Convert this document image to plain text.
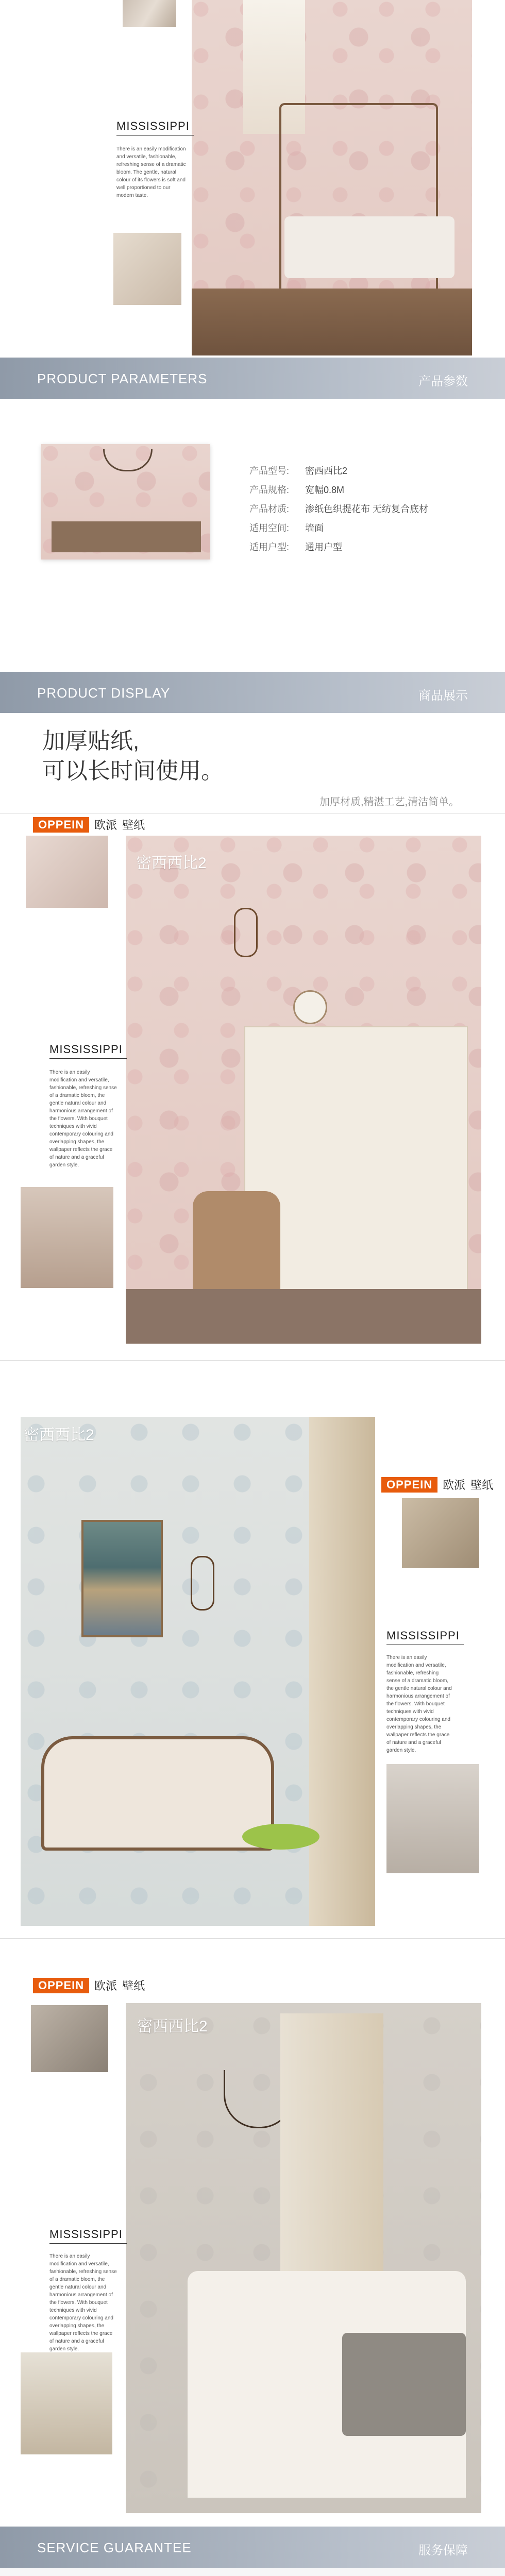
MISSISSIPPI
There is an easily modification and versatile, fashionable, refreshing sense of a dramatic bloom. The gentle, natural colour of its flowers is soft and well proportioned to our modern taste.
PRODUCT PARAMETERS	产品参数
产品型号:	密西西比2
产品规格:	宽幅0.8M
产品材质:	渗纸色织提花布 无纺复合底材
适用空间:	墙面
适用户型:	通用户型
PRODUCT DISPLAY	商品展示
加厚贴纸,
可以长时间使用。
加厚材质,精湛工艺,清洁简单。
OPPEIN 欧派 壁纸
密西西比2
MISSISSIPPI
There is an easily modification and versatile, fashionable, refreshing sense of a dramatic bloom, the gentle natural colour and harmonious arrangement of the flowers. With bouquet techniques with vivid contemporary colouring and overlapping shapes, the wallpaper reflects the grace of nature and a graceful garden style.
密西西比2
OPPEIN 欧派 壁纸
MISSISSIPPI
There is an easily modification and versatile, fashionable, refreshing sense of a dramatic bloom, the gentle natural colour and harmonious arrangement of the flowers. With bouquet techniques with vivid contemporary colouring and overlapping shapes, the wallpaper reflects the grace of nature and a graceful garden style.
OPPEIN 欧派 壁纸
密西西比2
MISSISSIPPI
There is an easily modification and versatile, fashionable, refreshing sense of a dramatic bloom, the gentle natural colour and harmonious arrangement of the flowers. With bouquet techniques with vivid contemporary colouring and overlapping shapes, the wallpaper reflects the grace of nature and a graceful garden style.
SERVICE GUARANTEE	服务保障
